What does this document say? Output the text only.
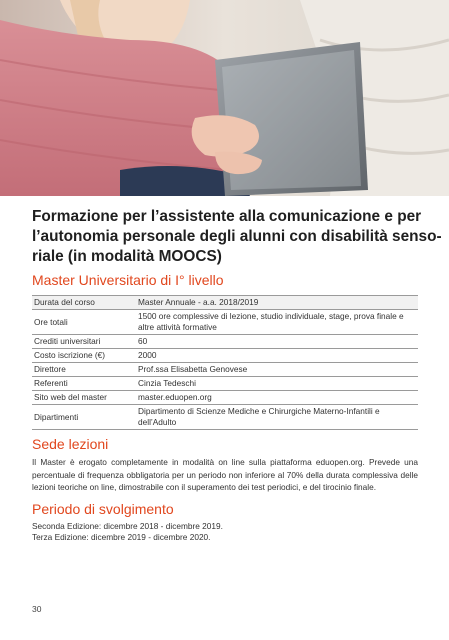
Formazione per l’assistente alla comunicazione e per
l’autonomia personale degli alunni con disabilità senso-
riale (in modalità MOOCS)
Master Universitario di I° livello
Durata del corso	Master Annuale - a.a. 2018/2019
Ore totali	1500 ore complessive di lezione, studio individuale, stage, prova finale e altre attività formative
Crediti universitari	60
Costo iscrizione (€)	2000
Direttore	Prof.ssa Elisabetta Genovese
Referenti	Cinzia Tedeschi
Sito web del master	master.eduopen.org
Dipartimenti	Dipartimento di Scienze Mediche e Chirurgiche Materno-Infantili e dell’Adulto
Sede lezioni

Il Master è erogato completamente in modalità on line sulla piattaforma eduopen.org. Prevede una percentuale di frequenza obbligatoria per un periodo non inferiore al 70% della durata complessiva delle lezioni teoriche on line, dimostrabile con il superamento dei test periodici, e del tirocinio finale.

Periodo di svolgimento
Seconda Edizione: dicembre 2018 - dicembre 2019.
Terza Edizione: dicembre 2019 - dicembre 2020.
30
